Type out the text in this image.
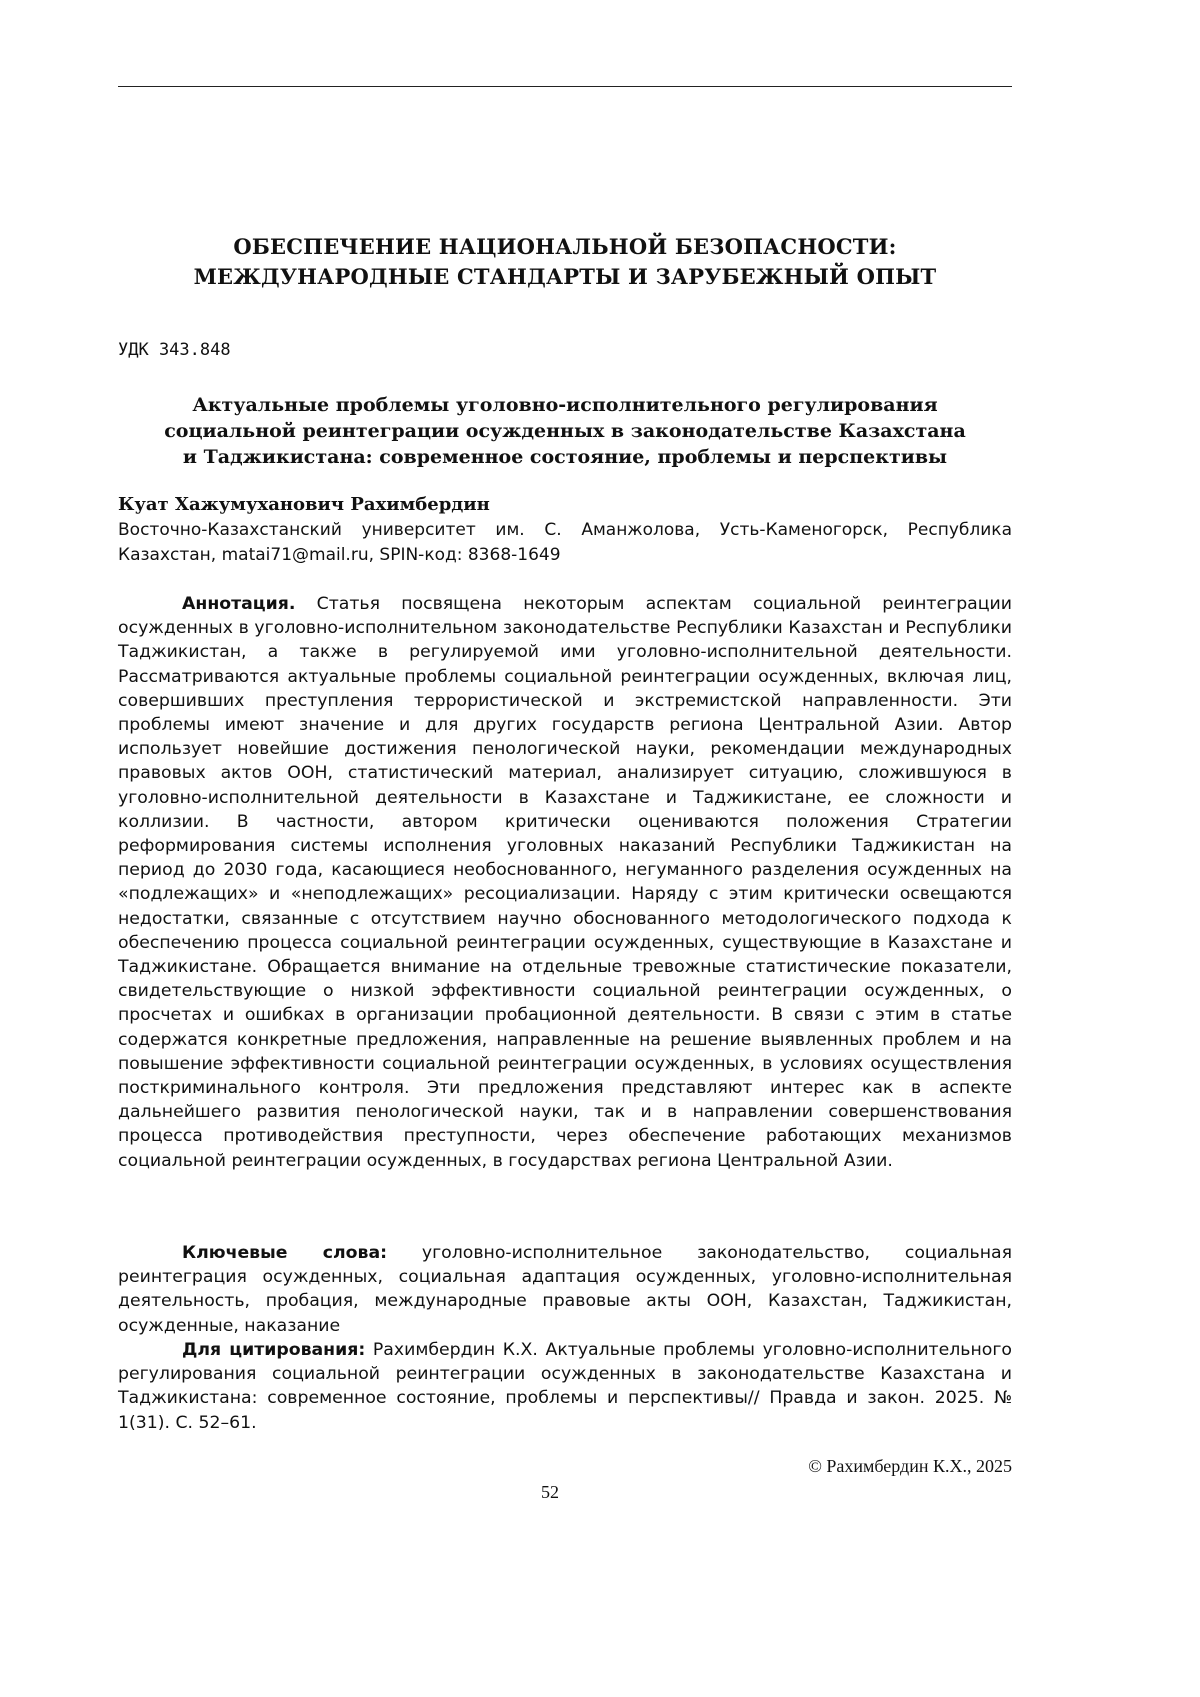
ОБЕСПЕЧЕНИЕ НАЦИОНАЛЬНОЙ БЕЗОПАСНОСТИ:
МЕЖДУНАРОДНЫЕ СТАНДАРТЫ И ЗАРУБЕЖНЫЙ ОПЫТ
УДК 343.848
Актуальные проблемы уголовно-исполнительного регулирования
социальной реинтеграции осужденных в законодательстве Казахстана
и Таджикистана: современное состояние, проблемы и перспективы
Куат Хажумуханович Рахимбердин
Восточно-Казахстанский университет им. С. Аманжолова, Усть-Каменогорск, Республика Казахстан, matai71@mail.ru, SPIN-код: 8368-1649
Аннотация. Статья посвящена некоторым аспектам социальной реинтеграции осужденных в уголовно-исполнительном законодательстве Республики Казахстан и Республики Таджикистан, а также в регулируемой ими уголовно-исполнительной деятельности. Рассматриваются актуальные проблемы социальной реинтеграции осужденных, включая лиц, совершивших преступления террористической и экстремистской направленности. Эти проблемы имеют значение и для других государств региона Центральной Азии. Автор использует новейшие достижения пенологической науки, рекомендации международных правовых актов ООН, статистический материал, анализирует ситуацию, сложившуюся в уголовно-исполнительной деятельности в Казахстане и Таджикистане, ее сложности и коллизии. В частности, автором критически оцениваются положения Стратегии реформирования системы исполнения уголовных наказаний Республики Таджикистан на период до 2030 года, касающиеся необоснованного, негуманного разделения осужденных на «подлежащих» и «неподлежащих» ресоциализации. Наряду с этим критически освещаются недостатки, связанные с отсутствием научно обоснованного методологического подхода к обеспечению процесса социальной реинтеграции осужденных, существующие в Казахстане и Таджикистане. Обращается внимание на отдельные тревожные статистические показатели, свидетельствующие о низкой эффективности социальной реинтеграции осужденных, о просчетах и ошибках в организации пробационной деятельности. В связи с этим в статье содержатся конкретные предложения, направленные на решение выявленных проблем и на повышение эффективности социальной реинтеграции осужденных, в условиях осуществления посткриминального контроля. Эти предложения представляют интерес как в аспекте дальнейшего развития пенологической науки, так и в направлении совершенствования процесса противодействия преступности, через обеспечение работающих механизмов социальной реинтеграции осужденных, в государствах региона Центральной Азии.
Ключевые слова: уголовно-исполнительное законодательство, социальная реинтеграция осужденных, социальная адаптация осужденных, уголовно-исполнительная деятельность, пробация, международные правовые акты ООН, Казахстан, Таджикистан, осужденные, наказание
Для цитирования: Рахимбердин К.Х. Актуальные проблемы уголовно-исполнительного регулирования социальной реинтеграции осужденных в законодательстве Казахстана и Таджикистана: современное состояние, проблемы и перспективы// Правда и закон. 2025. № 1(31). С. 52–61.
© Рахимбердин К.Х., 2025
52
